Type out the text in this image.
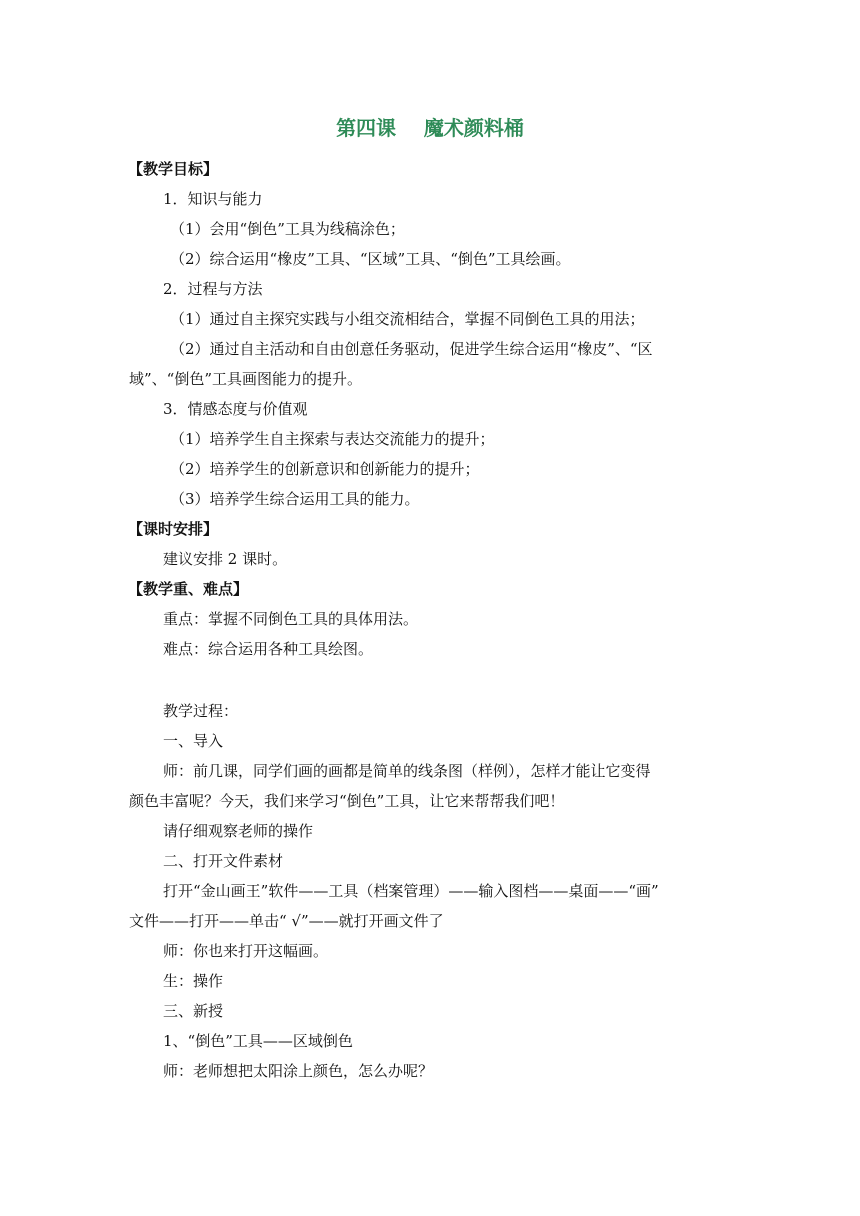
第四课    魔术颜料桶
【教学目标】
1．知识与能力
（1）会用“倒色”工具为线稿涂色；
（2）综合运用“橡皮”工具、“区域”工具、“倒色”工具绘画。
2．过程与方法
（1）通过自主探究实践与小组交流相结合，掌握不同倒色工具的用法；
（2）通过自主活动和自由创意任务驱动，促进学生综合运用“橡皮”、“区
域”、“倒色”工具画图能力的提升。
3．情感态度与价值观
（1）培养学生自主探索与表达交流能力的提升；
（2）培养学生的创新意识和创新能力的提升；
（3）培养学生综合运用工具的能力。
【课时安排】
建议安排 2 课时。
【教学重、难点】
重点：掌握不同倒色工具的具体用法。
难点：综合运用各种工具绘图。
教学过程：
一、导入
师：前几课，同学们画的画都是简单的线条图（样例），怎样才能让它变得
颜色丰富呢？今天，我们来学习“倒色”工具，让它来帮帮我们吧！
请仔细观察老师的操作
二、打开文件素材
打开“金山画王”软件——工具（档案管理）——输入图档——桌面——“画”
文件——打开——单击“ √”——就打开画文件了
师：你也来打开这幅画。
生：操作
三、新授
1、“倒色”工具——区域倒色
师：老师想把太阳涂上颜色，怎么办呢？
